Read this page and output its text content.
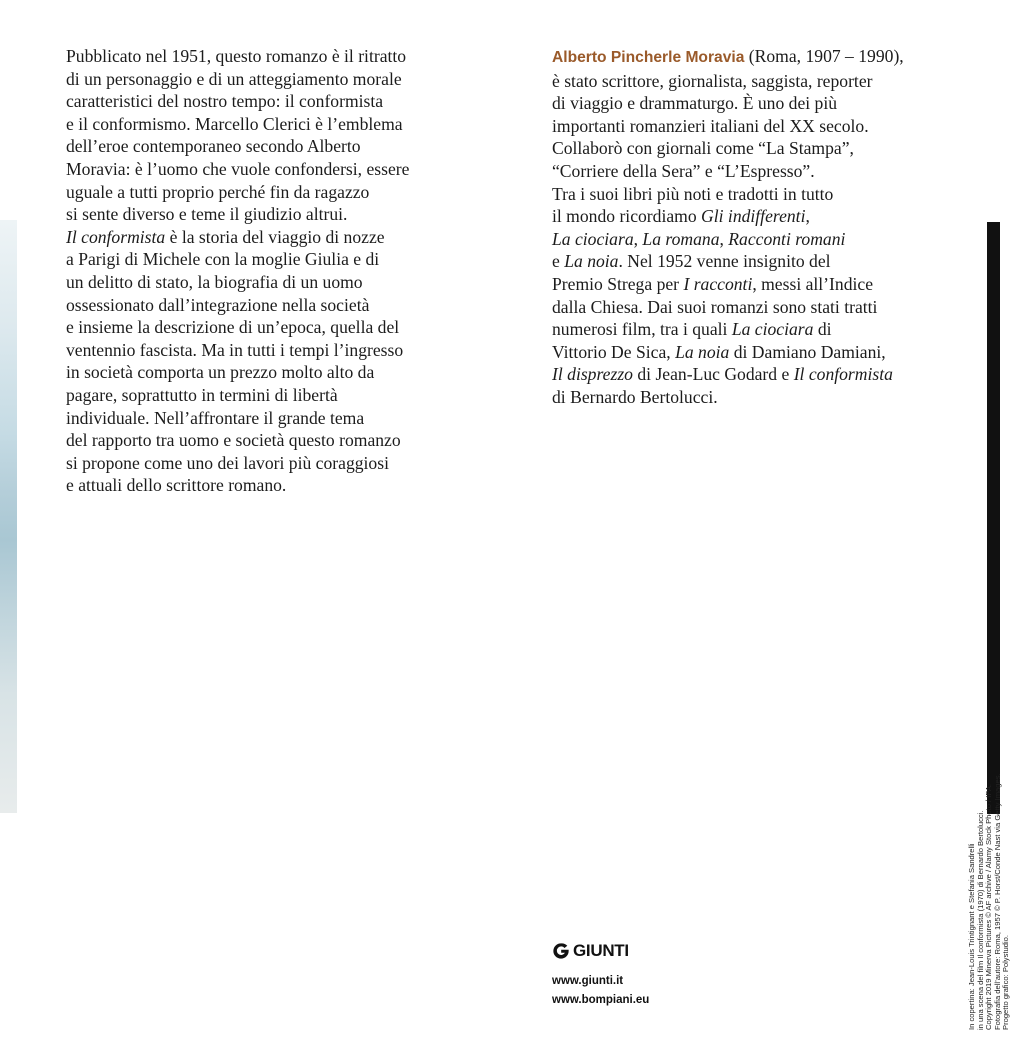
Pubblicato nel 1951, questo romanzo è il ritratto
di un personaggio e di un atteggiamento morale
caratteristici del nostro tempo: il conformista
e il conformismo. Marcello Clerici è l’emblema
dell’eroe contemporaneo secondo Alberto
Moravia: è l’uomo che vuole confondersi, essere
uguale a tutti proprio perché fin da ragazzo
si sente diverso e teme il giudizio altrui.
Il conformista è la storia del viaggio di nozze
a Parigi di Michele con la moglie Giulia e di
un delitto di stato, la biografia di un uomo
ossessionato dall’integrazione nella società
e insieme la descrizione di un’epoca, quella del
ventennio fascista. Ma in tutti i tempi l’ingresso
in società comporta un prezzo molto alto da
pagare, soprattutto in termini di libertà
individuale. Nell’affrontare il grande tema
del rapporto tra uomo e società questo romanzo
si propone come uno dei lavori più coraggiosi
e attuali dello scrittore romano.
Alberto Pincherle Moravia (Roma, 1907 – 1990),
è stato scrittore, giornalista, saggista, reporter
di viaggio e drammaturgo. È uno dei più
importanti romanzieri italiani del XX secolo.
Collaborò con giornali come “La Stampa”,
“Corriere della Sera” e “L’Espresso”.
Tra i suoi libri più noti e tradotti in tutto
il mondo ricordiamo Gli indifferenti,
La ciociara, La romana, Racconti romani
e La noia. Nel 1952 venne insignito del
Premio Strega per I racconti, messi all’Indice
dalla Chiesa. Dai suoi romanzi sono stati tratti
numerosi film, tra i quali La ciociara di
Vittorio De Sica, La noia di Damiano Damiani,
Il disprezzo di Jean-Luc Godard e Il conformista
di Bernardo Bertolucci.
GIUNTI
www.giunti.it
www.bompiani.eu	In copertina: Jean-Louis Trintignant e Stefania Sandrelli in una scena del film Il conformista (1970) di Bernardo Bertolucci. Copyright 2019 Minerva Pictures © AF archive / Alamy Stock Photo / IPA. Fotografia dell’autore: Roma, 1957 © P. Horst/Conde Nast via Getty Images. Progetto grafico: Polystudio.
